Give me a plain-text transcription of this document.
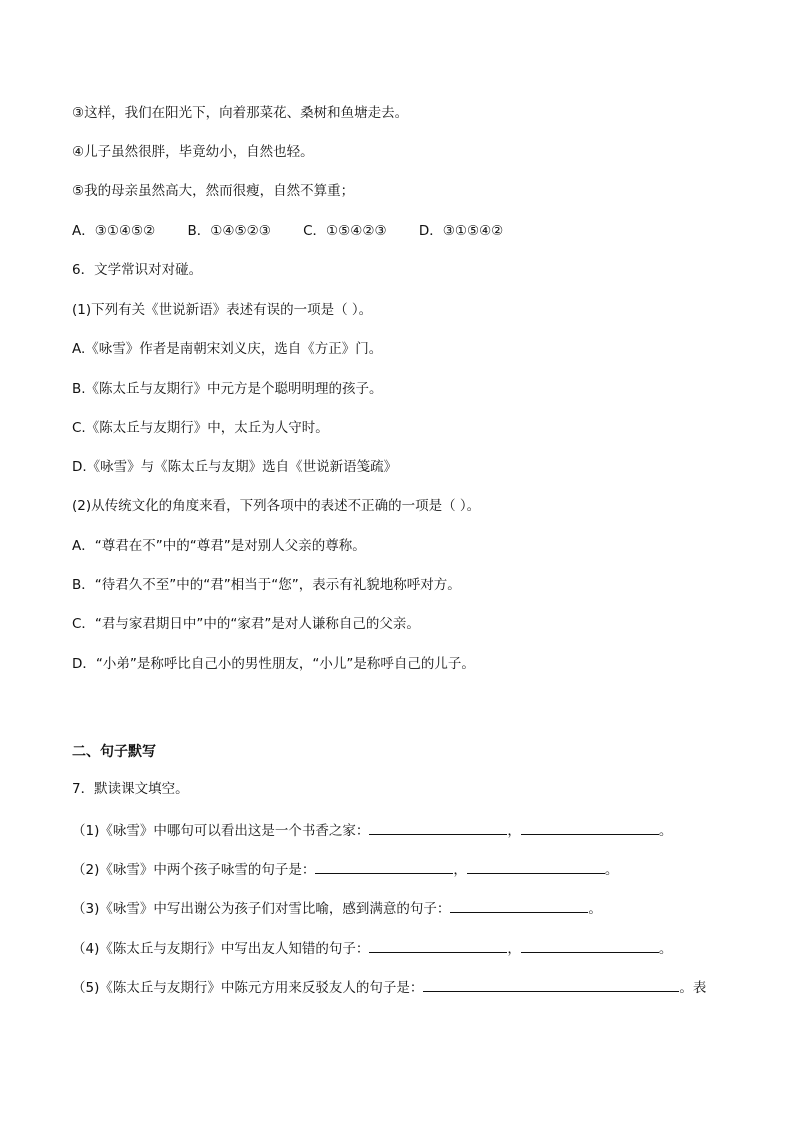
③这样，我们在阳光下，向着那菜花、桑树和鱼塘走去。
④儿子虽然很胖，毕竟幼小，自然也轻。
⑤我的母亲虽然高大，然而很瘦，自然不算重；
A．③①④⑤② B．①④⑤②③ C．①⑤④②③ D．③①⑤④②
6．文学常识对对碰。
(1)下列有关《世说新语》表述有误的一项是（ ）。
A.《咏雪》作者是南朝宋刘义庆，选自《方正》门。
B.《陈太丘与友期行》中元方是个聪明明理的孩子。
C.《陈太丘与友期行》中，太丘为人守时。
D.《咏雪》与《陈太丘与友期》选自《世说新语笺疏》
(2)从传统文化的角度来看，下列各项中的表述不正确的一项是（ ）。
A．“尊君在不”中的“尊君”是对别人父亲的尊称。
B．“待君久不至”中的“君”相当于“您”，表示有礼貌地称呼对方。
C．“君与家君期日中”中的“家君”是对人谦称自己的父亲。
D．“小弟”是称呼比自己小的男性朋友，“小儿”是称呼自己的儿子。
二、句子默写
7．默读课文填空。
（1)《咏雪》中哪句可以看出这是一个书香之家：	，	。
（2)《咏雪》中两个孩子咏雪的句子是：	，	。
（3)《咏雪》中写出谢公为孩子们对雪比喻，感到满意的句子：	。
（4)《陈太丘与友期行》中写出友人知错的句子：	，	。
（5)《陈太丘与友期行》中陈元方用来反驳友人的句子是：	。表
